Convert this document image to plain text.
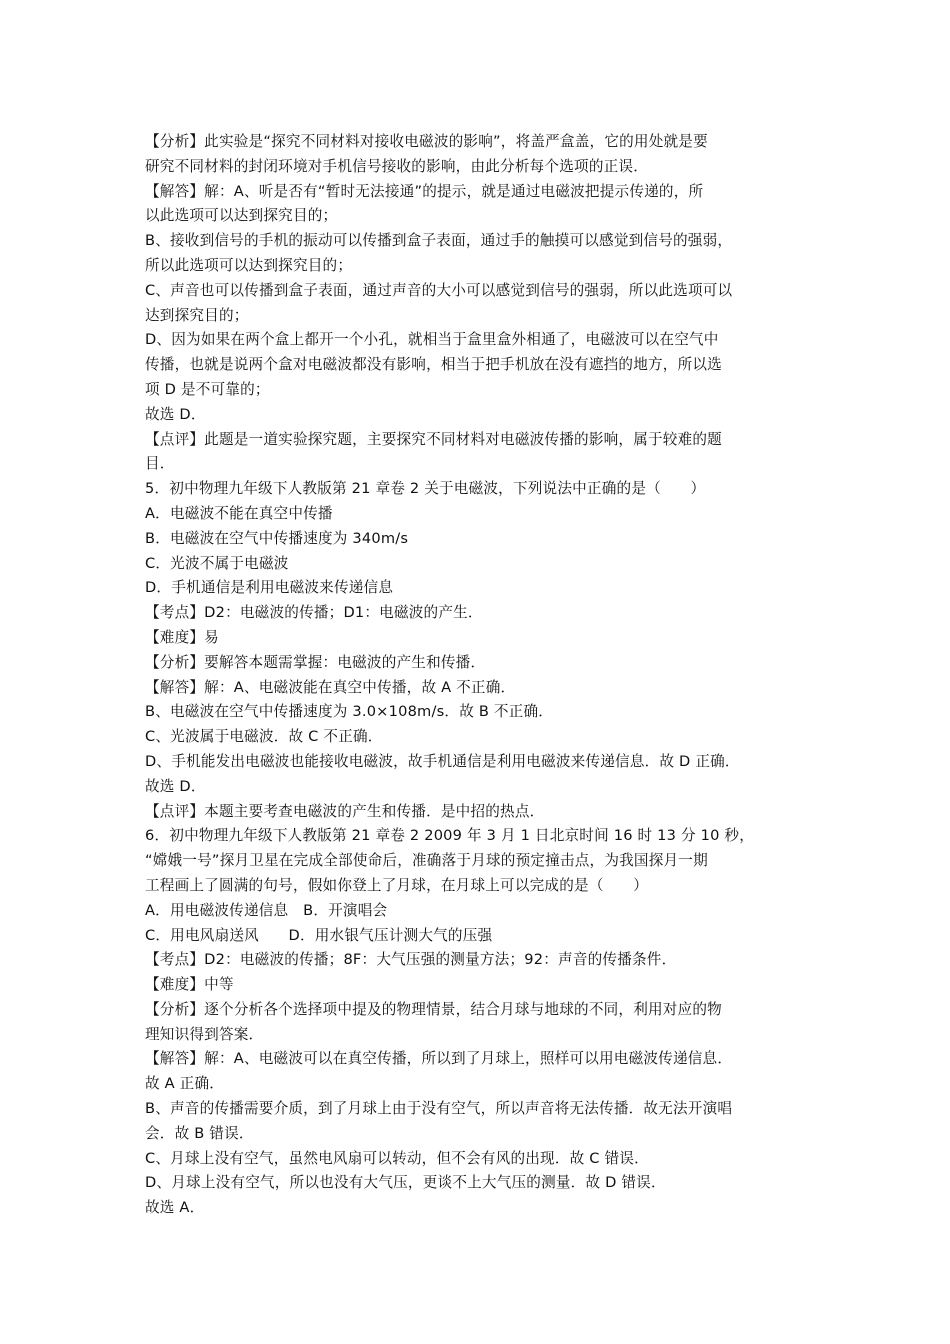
【分析】此实验是“探究不同材料对接收电磁波的影响”，将盖严盒盖，它的用处就是要
研究不同材料的封闭环境对手机信号接收的影响，由此分析每个选项的正误．
【解答】解：A、听是否有“暂时无法接通”的提示，就是通过电磁波把提示传递的，所
以此选项可以达到探究目的；
B、接收到信号的手机的振动可以传播到盒子表面，通过手的触摸可以感觉到信号的强弱，
所以此选项可以达到探究目的；
C、声音也可以传播到盒子表面，通过声音的大小可以感觉到信号的强弱，所以此选项可以
达到探究目的；
D、因为如果在两个盒上都开一个小孔，就相当于盒里盒外相通了，电磁波可以在空气中
传播，也就是说两个盒对电磁波都没有影响，相当于把手机放在没有遮挡的地方，所以选
项 D 是不可靠的；
故选 D．
【点评】此题是一道实验探究题，主要探究不同材料对电磁波传播的影响，属于较难的题
目．
5．初中物理九年级下人教版第 21 章卷 2 关于电磁波，下列说法中正确的是（　　）
A．电磁波不能在真空中传播
B．电磁波在空气中传播速度为 340m/s
C．光波不属于电磁波
D．手机通信是利用电磁波来传递信息
【考点】D2：电磁波的传播；D1：电磁波的产生．
【难度】易
【分析】要解答本题需掌握：电磁波的产生和传播．
【解答】解：A、电磁波能在真空中传播，故 A 不正确．
B、电磁波在空气中传播速度为 3.0×108m/s．故 B 不正确．
C、光波属于电磁波．故 C 不正确．
D、手机能发出电磁波也能接收电磁波，故手机通信是利用电磁波来传递信息．故 D 正确．
故选 D．
【点评】本题主要考查电磁波的产生和传播．是中招的热点．
6．初中物理九年级下人教版第 21 章卷 2 2009 年 3 月 1 日北京时间 16 时 13 分 10 秒，
“嫦娥一号”探月卫星在完成全部使命后，准确落于月球的预定撞击点，为我国探月一期
工程画上了圆满的句号，假如你登上了月球，在月球上可以完成的是（　　）
A．用电磁波传递信息　B．开演唱会
C．用电风扇送风　　D．用水银气压计测大气的压强
【考点】D2：电磁波的传播；8F：大气压强的测量方法；92：声音的传播条件．
【难度】中等
【分析】逐个分析各个选择项中提及的物理情景，结合月球与地球的不同，利用对应的物
理知识得到答案．
【解答】解：A、电磁波可以在真空传播，所以到了月球上，照样可以用电磁波传递信息．
故 A 正确．
B、声音的传播需要介质，到了月球上由于没有空气，所以声音将无法传播．故无法开演唱
会．故 B 错误．
C、月球上没有空气，虽然电风扇可以转动，但不会有风的出现．故 C 错误．
D、月球上没有空气，所以也没有大气压，更谈不上大气压的测量．故 D 错误．
故选 A．
